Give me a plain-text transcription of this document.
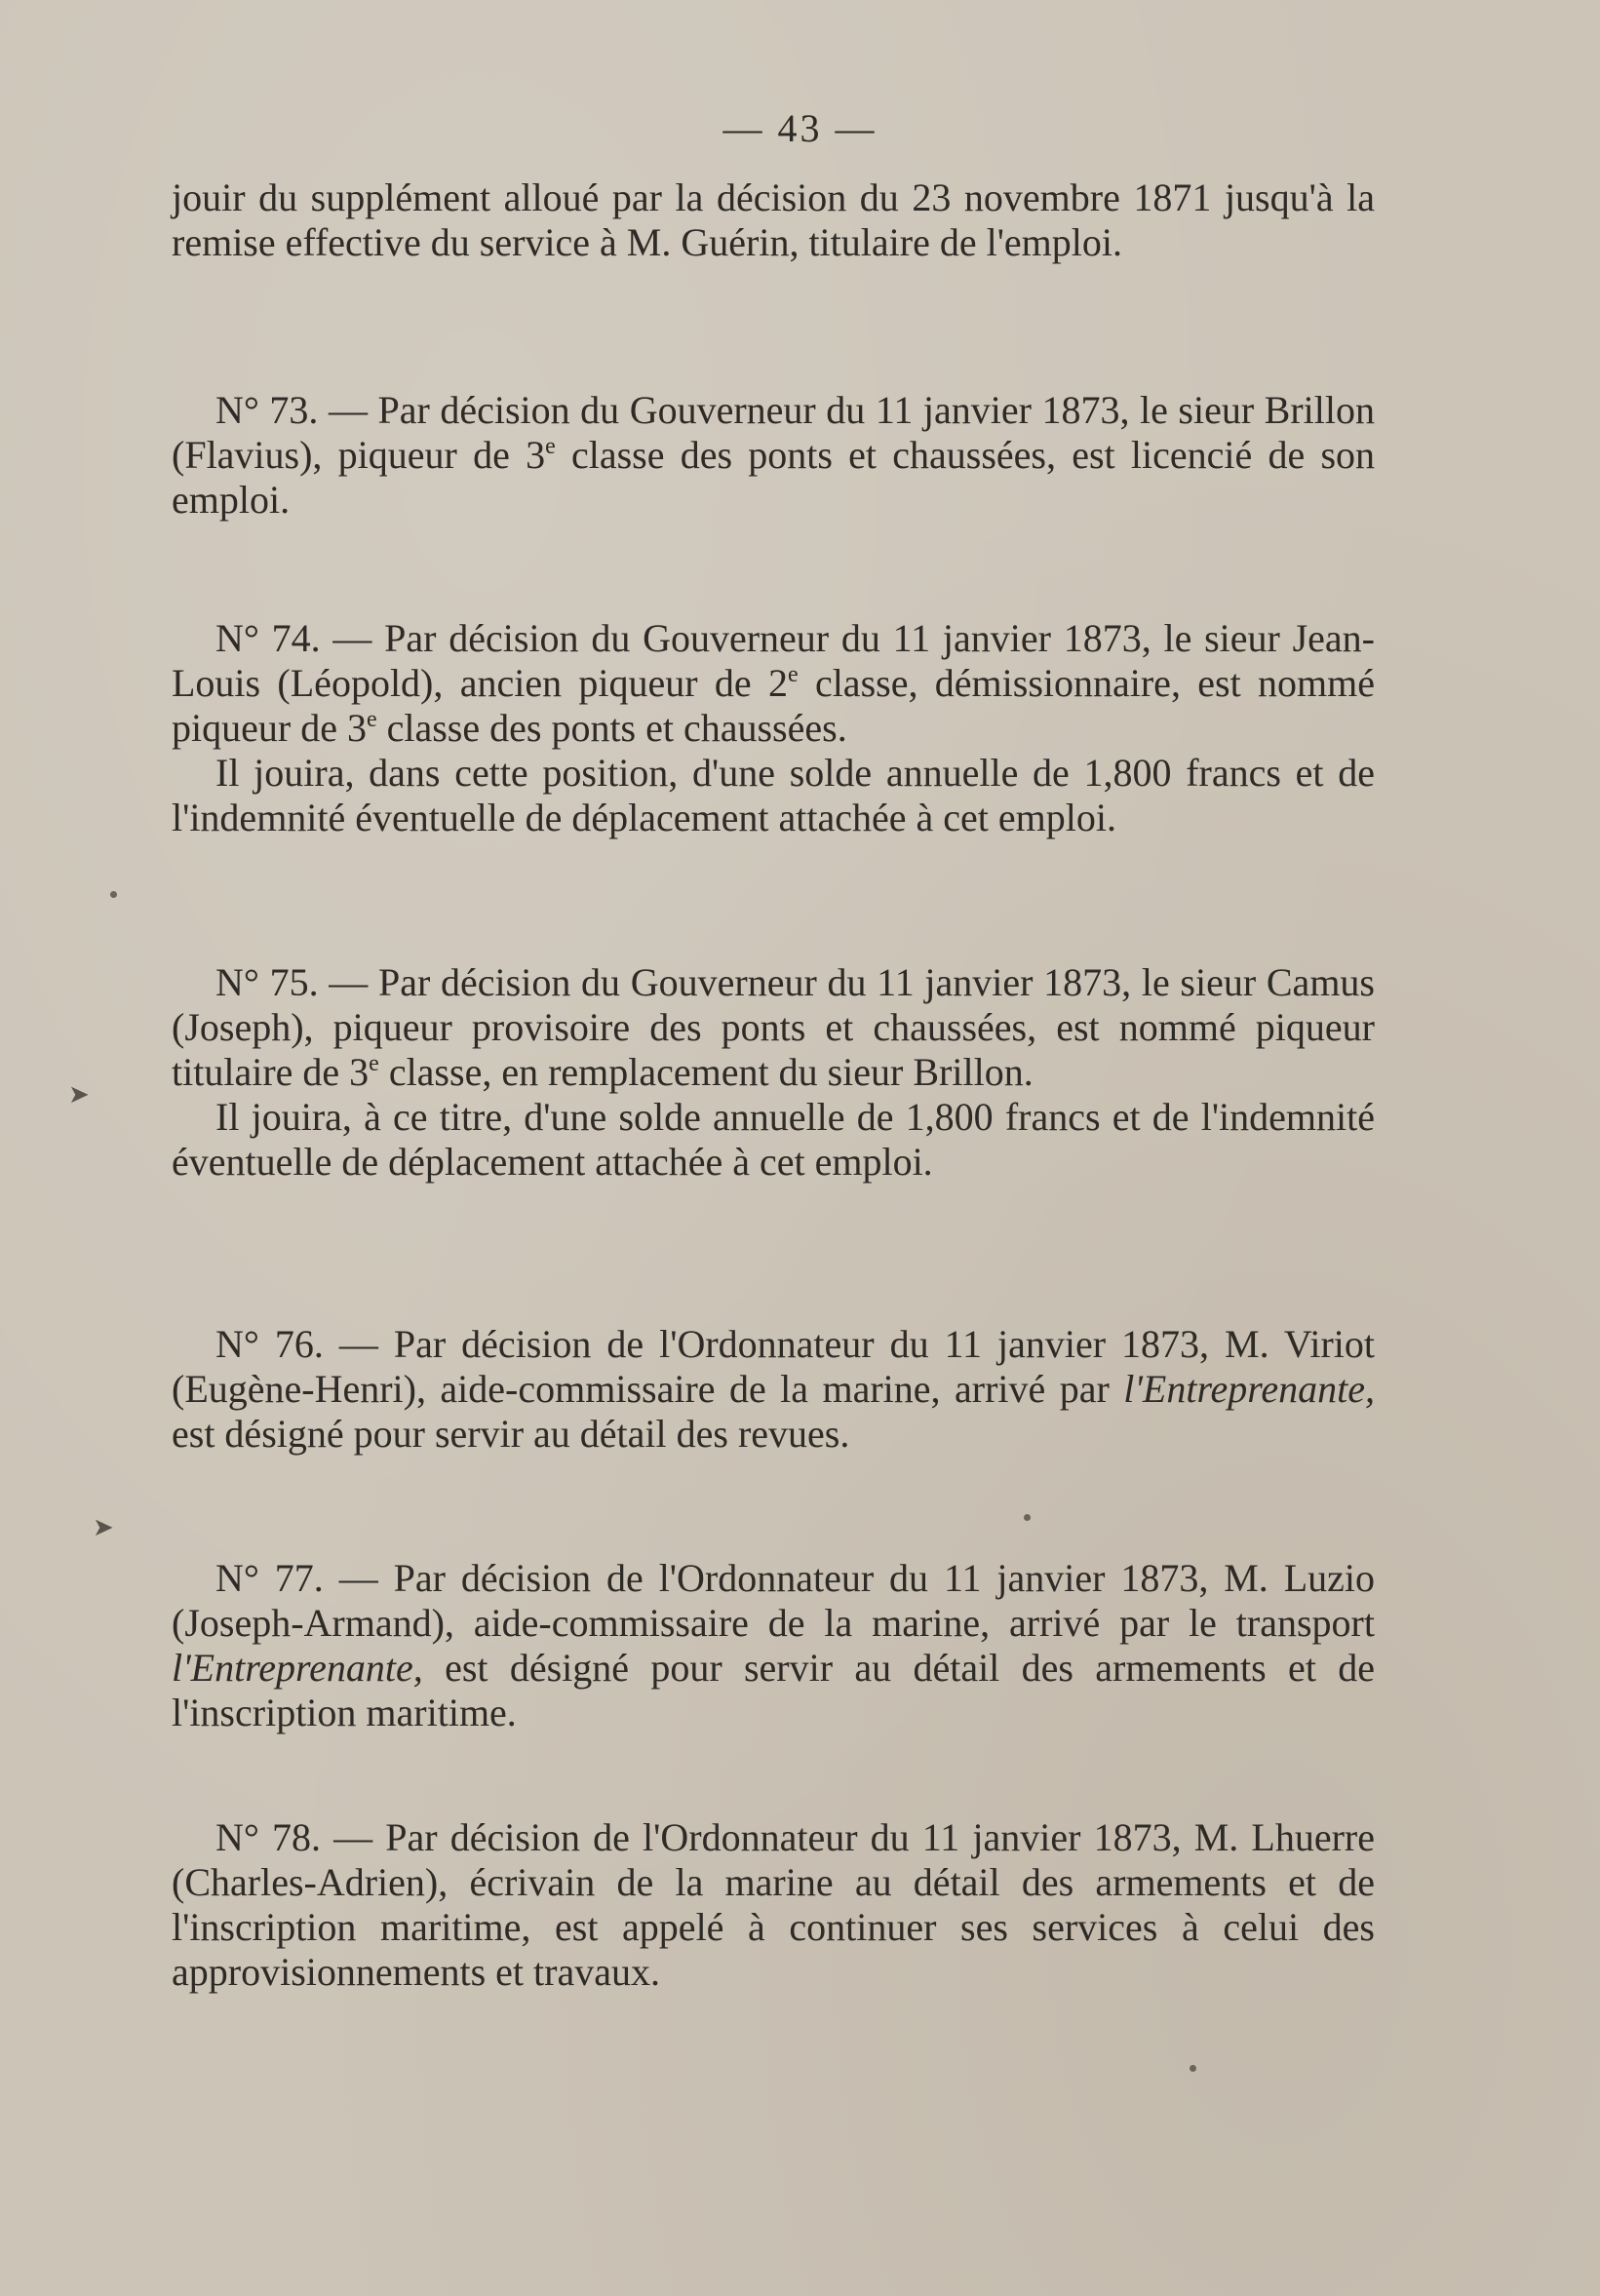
— 43 —

jouir du supplément alloué par la décision du 23 novembre 1871 jusqu'à la remise effective du service à M. Guérin, titulaire de l'emploi.

N° 73. — Par décision du Gouverneur du 11 janvier 1873, le sieur Brillon (Flavius), piqueur de 3e classe des ponts et chaussées, est licencié de son emploi.

N° 74. — Par décision du Gouverneur du 11 janvier 1873, le sieur Jean-Louis (Léopold), ancien piqueur de 2e classe, démissionnaire, est nommé piqueur de 3e classe des ponts et chaussées.

Il jouira, dans cette position, d'une solde annuelle de 1,800 francs et de l'indemnité éventuelle de déplacement attachée à cet emploi.

N° 75. — Par décision du Gouverneur du 11 janvier 1873, le sieur Camus (Joseph), piqueur provisoire des ponts et chaussées, est nommé piqueur titulaire de 3e classe, en remplacement du sieur Brillon.

Il jouira, à ce titre, d'une solde annuelle de 1,800 francs et de l'indemnité éventuelle de déplacement attachée à cet emploi.

N° 76. — Par décision de l'Ordonnateur du 11 janvier 1873, M. Viriot (Eugène-Henri), aide-commissaire de la marine, arrivé par l'Entreprenante, est désigné pour servir au détail des revues.

N° 77. — Par décision de l'Ordonnateur du 11 janvier 1873, M. Luzio (Joseph-Armand), aide-commissaire de la marine, arrivé par le transport l'Entreprenante, est désigné pour servir au détail des armements et de l'inscription maritime.

N° 78. — Par décision de l'Ordonnateur du 11 janvier 1873, M. Lhuerre (Charles-Adrien), écrivain de la marine au détail des armements et de l'inscription maritime, est appelé à continuer ses services à celui des approvisionnements et travaux.

➤
➤
